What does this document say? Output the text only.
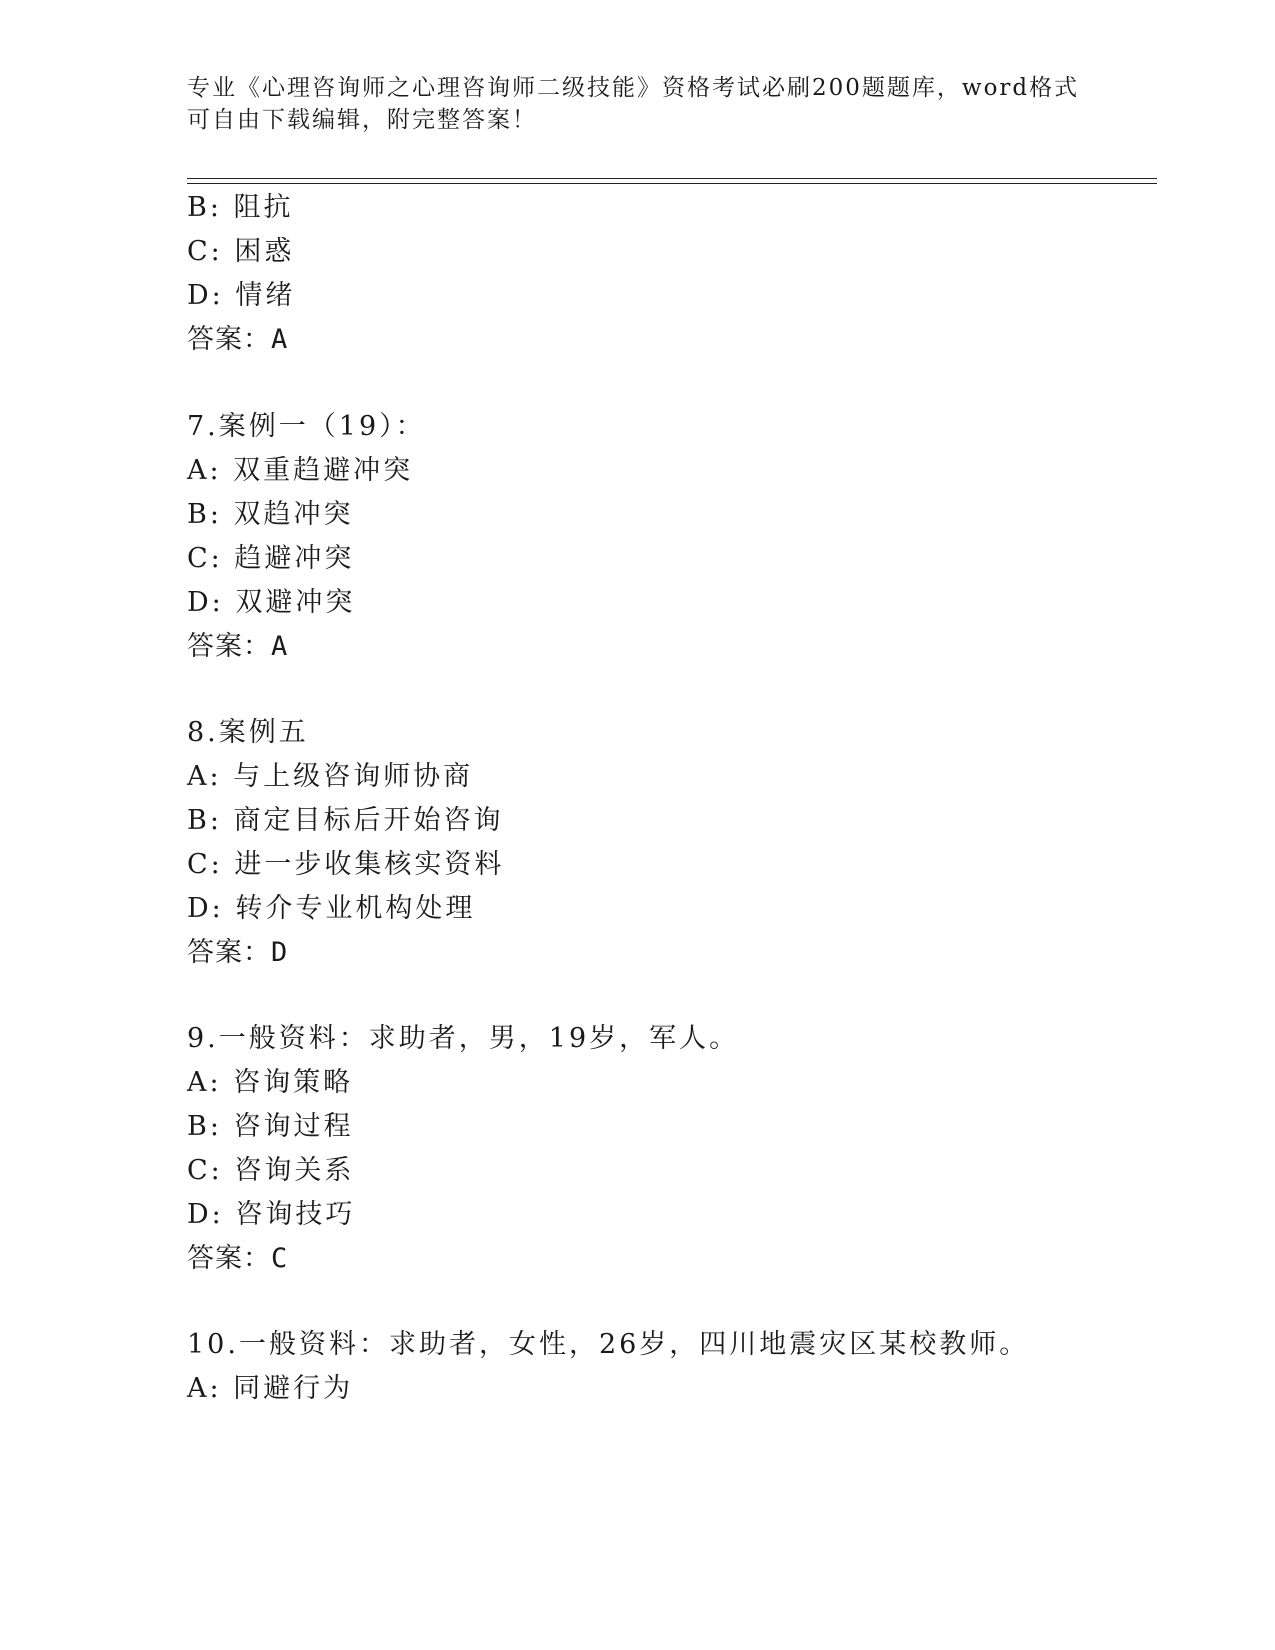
专业《心理咨询师之心理咨询师二级技能》资格考试必刷200题题库，word格式
可自由下载编辑，附完整答案！
B: 阻抗
C: 困惑
D: 情绪
答案：A
7.案例一（19）：
A: 双重趋避冲突
B: 双趋冲突
C: 趋避冲突
D: 双避冲突
答案：A
8.案例五
A: 与上级咨询师协商
B: 商定目标后开始咨询
C: 进一步收集核实资料
D: 转介专业机构处理
答案：D
9.一般资料：求助者，男，19岁，军人。
A: 咨询策略
B: 咨询过程
C: 咨询关系
D: 咨询技巧
答案：C
10.一般资料：求助者，女性，26岁，四川地震灾区某校教师。
A: 同避行为
